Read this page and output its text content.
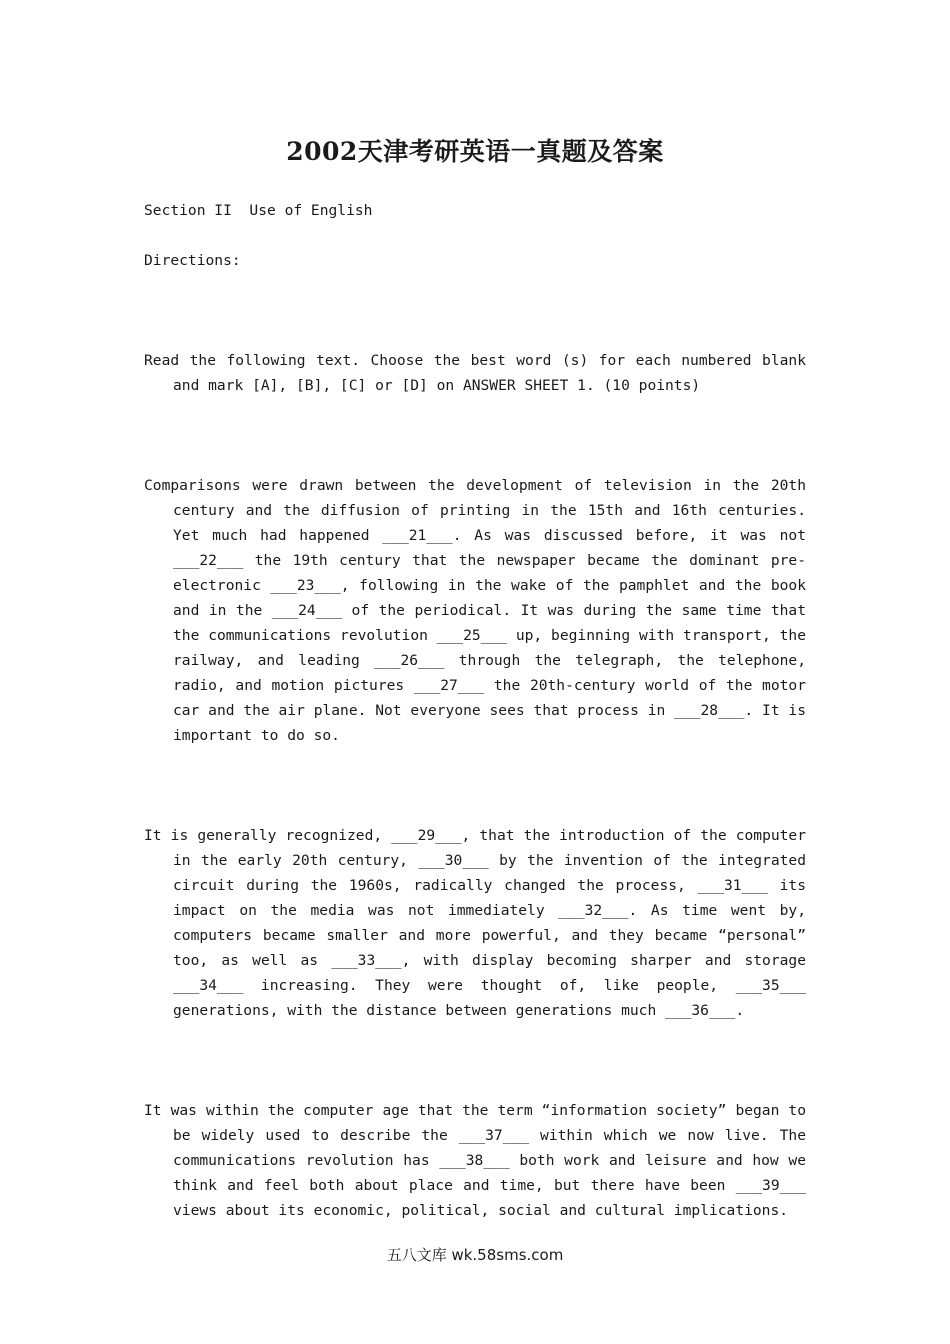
2002天津考研英语一真题及答案

Section II  Use of English

Directions:

Read the following text. Choose the best word (s) for each numbered blank and mark [A], [B], [C] or [D] on ANSWER SHEET 1. (10 points)

Comparisons were drawn between the development of television in the 20th century and the diffusion of printing in the 15th and 16th centuries. Yet much had happened ___21___. As was discussed before, it was not ___22___ the 19th century that the newspaper became the dominant pre-electronic ___23___, following in the wake of the pamphlet and the book and in the ___24___ of the periodical. It was during the same time that the communications revolution ___25___ up, beginning with transport, the railway, and leading ___26___ through the telegraph, the telephone, radio, and motion pictures ___27___ the 20th-century world of the motor car and the air plane. Not everyone sees that process in ___28___. It is important to do so.

It is generally recognized, ___29___, that the introduction of the computer in the early 20th century, ___30___ by the invention of the integrated circuit during the 1960s, radically changed the process, ___31___ its impact on the media was not immediately ___32___. As time went by, computers became smaller and more powerful, and they became “personal” too, as well as ___33___, with display becoming sharper and storage ___34___ increasing. They were thought of, like people, ___35___ generations, with the distance between generations much ___36___.

It was within the computer age that the term “information society” began to be widely used to describe the ___37___ within which we now live. The communications revolution has ___38___ both work and leisure and how we think and feel both about place and time, but there have been ___39___ views about its economic, political, social and cultural implications.

五八文库 wk.58sms.com
